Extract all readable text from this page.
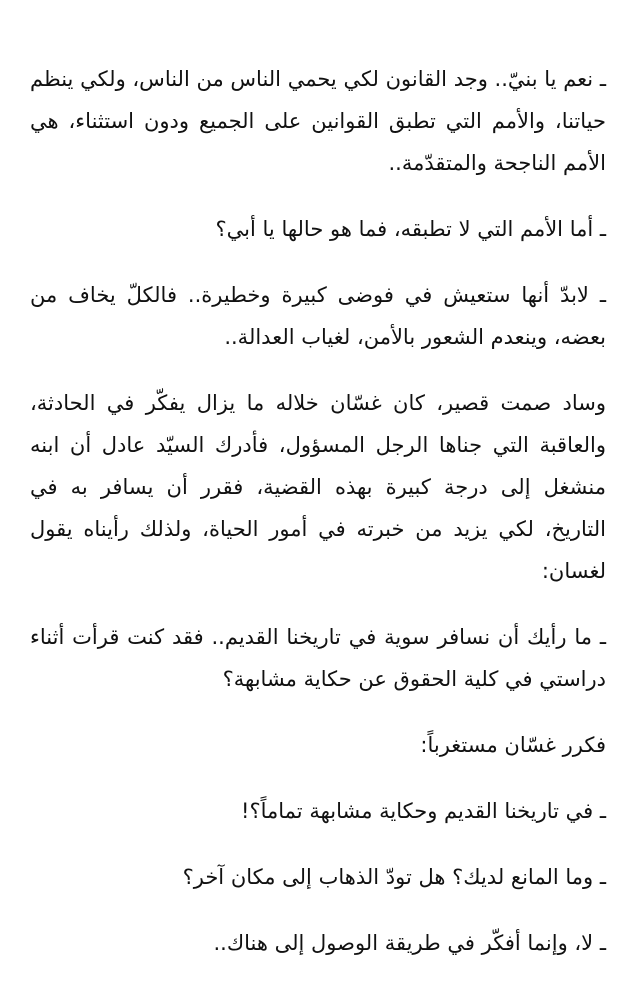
ـ نعم يا بنيّ.. وجد القانون لكي يحمي الناس من الناس، ولكي ينظم حياتنا، والأمم التي تطبق القوانين على الجميع ودون استثناء، هي الأمم الناجحة والمتقدّمة..

ـ أما الأمم التي لا تطبقه، فما هو حالها يا أبي؟

ـ لابدّ أنها ستعيش في فوضى كبيرة وخطيرة.. فالكلّ يخاف من بعضه، وينعدم الشعور بالأمن، لغياب العدالة..

وساد صمت قصير، كان غسّان خلاله ما يزال يفكّر في الحادثة، والعاقبة التي جناها الرجل المسؤول، فأدرك السيّد عادل أن ابنه منشغل إلى درجة كبيرة بهذه القضية، فقرر أن يسافر به في التاريخ، لكي يزيد من خبرته في أمور الحياة، ولذلك رأيناه يقول لغسان:

ـ ما رأيك أن نسافر سوية في تاريخنا القديم.. فقد كنت قرأت أثناء دراستي في كلية الحقوق عن حكاية مشابهة؟

فكرر غسّان مستغرباً:

ـ في تاريخنا القديم وحكاية مشابهة تماماً؟!

ـ وما المانع لديك؟ هل تودّ الذهاب إلى مكان آخر؟

ـ لا، وإنما أفكّر في طريقة الوصول إلى هناك..
